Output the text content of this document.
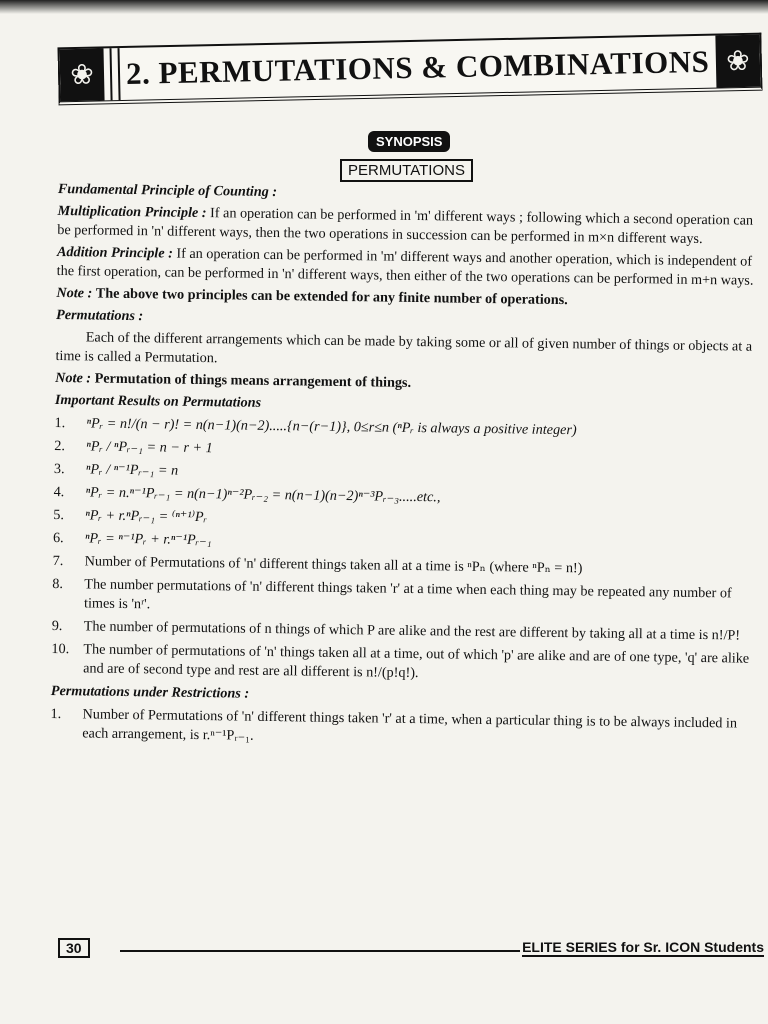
❀	2. PERMUTATIONS & COMBINATIONS ❀
SYNOPSIS
PERMUTATIONS

Fundamental Principle of Counting :

Multiplication Principle : If an operation can be performed in 'm' different ways ; following which a second operation can be performed in 'n' different ways, then the two operations in succession can be performed in m×n different ways.

Addition Principle : If an operation can be performed in 'm' different ways and another operation, which is independent of the first operation, can be performed in 'n' different ways, then either of the two operations can be performed in m+n ways.

Note : The above two principles can be extended for any finite number of operations.

Permutations :

Each of the different arrangements which can be made by taking some or all of given number of things or objects at a time is called a Permutation.

Note : Permutation of things means arrangement of things.

Important Results on Permutations

1.	ⁿPᵣ = n!/(n − r)! = n(n−1)(n−2).....{n−(r−1)}, 0≤r≤n (ⁿPᵣ is always a positive integer)
2.	ⁿPᵣ / ⁿPᵣ₋₁ = n − r + 1
3.	ⁿPᵣ / ⁿ⁻¹Pᵣ₋₁ = n
4.	ⁿPᵣ = n.ⁿ⁻¹Pᵣ₋₁ = n(n−1)ⁿ⁻²Pᵣ₋₂ = n(n−1)(n−2)ⁿ⁻³Pᵣ₋₃.....etc.,
5.	ⁿPᵣ + r.ⁿPᵣ₋₁ = ⁽ⁿ⁺¹⁾Pᵣ
6.	ⁿPᵣ = ⁿ⁻¹Pᵣ + r.ⁿ⁻¹Pᵣ₋₁
7.	Number of Permutations of 'n' different things taken all at a time is ⁿPₙ (where ⁿPₙ = n!)
8.	The number permutations of 'n' different things taken 'r' at a time when each thing may be repeated any number of times is 'nʳ'.
9.	The number of permutations of n things of which P are alike and the rest are different by taking all at a time is n!/P!
10. The number of permutations of 'n' things taken all at a time, out of which 'p' are alike and are of one type, 'q' are alike and are of second type and rest are all different is n!/(p!q!).

Permutations under Restrictions :

1.	Number of Permutations of 'n' different things taken 'r' at a time, when a particular thing is to be always included in each arrangement, is r.ⁿ⁻¹Pᵣ₋₁.
30	ELITE SERIES for Sr. ICON Students
